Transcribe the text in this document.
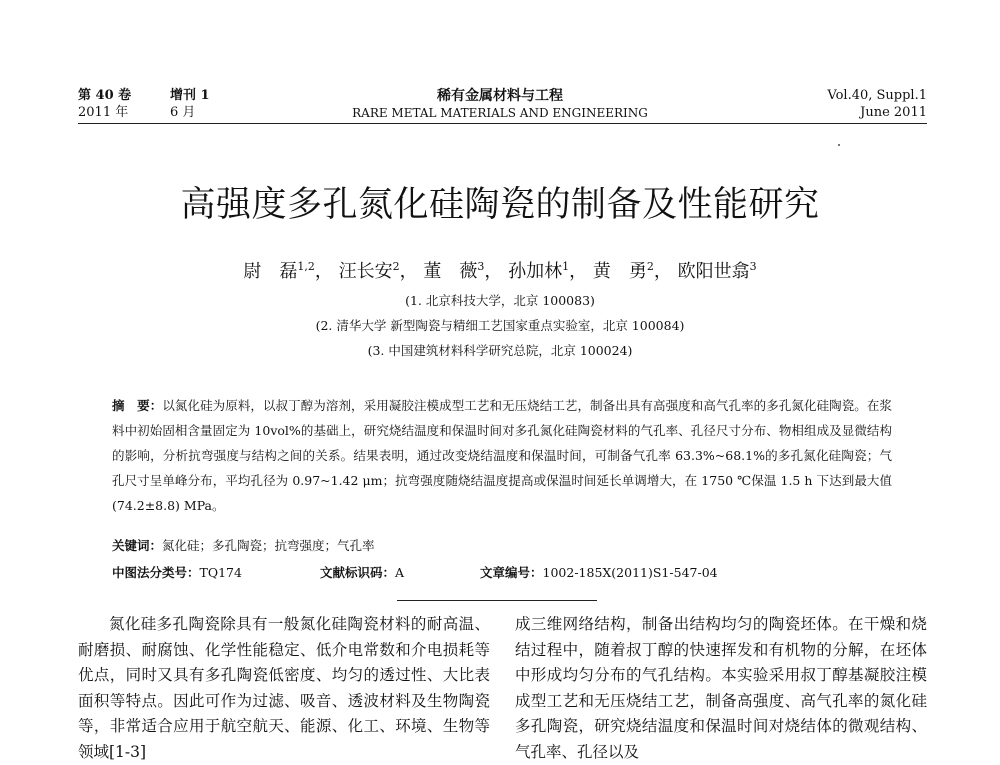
第 40 卷	增刊 1
2011 年	6 月
稀有金属材料与工程
RARE METAL MATERIALS AND ENGINEERING
Vol.40, Suppl.1
June 2011
高强度多孔氮化硅陶瓷的制备及性能研究
尉　磊$^{1,2}$， 汪长安$^2$， 董　薇$^3$， 孙加林$^1$， 黄　勇$^2$， 欧阳世翕$^3$
(1. 北京科技大学，北京 100083)
(2. 清华大学 新型陶瓷与精细工艺国家重点实验室，北京 100084)
(3. 中国建筑材料科学研究总院，北京 100024)
摘　要：以氮化硅为原料，以叔丁醇为溶剂，采用凝胶注模成型工艺和无压烧结工艺，制备出具有高强度和高气孔率的多孔氮化硅陶瓷。在浆料中初始固相含量固定为 10vol%的基础上，研究烧结温度和保温时间对多孔氮化硅陶瓷材料的气孔率、孔径尺寸分布、物相组成及显微结构的影响，分析抗弯强度与结构之间的关系。结果表明，通过改变烧结温度和保温时间，可制备气孔率 63.3%~68.1%的多孔氮化硅陶瓷；气孔尺寸呈单峰分布，平均孔径为 0.97~1.42 μm；抗弯强度随烧结温度提高或保温时间延长单调增大，在 1750 ℃保温 1.5 h 下达到最大值(74.2±8.8) MPa。
关键词：氮化硅；多孔陶瓷；抗弯强度；气孔率
中图法分类号：TQ174	文献标识码：A	文章编号：1002-185X(2011)S1-547-04

氮化硅多孔陶瓷除具有一般氮化硅陶瓷材料的耐高温、耐磨损、耐腐蚀、化学性能稳定、低介电常数和介电损耗等优点，同时又具有多孔陶瓷低密度、均匀的透过性、大比表面积等特点。因此可作为过滤、吸音、透波材料及生物陶瓷等，非常适合应用于航空航天、能源、化工、环境、生物等领域[1-3]

成三维网络结构，制备出结构均匀的陶瓷坯体。在干燥和烧结过程中，随着叔丁醇的快速挥发和有机物的分解，在坯体中形成均匀分布的气孔结构。本实验采用叔丁醇基凝胶注模成型工艺和无压烧结工艺，制备高强度、高气孔率的氮化硅多孔陶瓷，研究烧结温度和保温时间对烧结体的微观结构、气孔率、孔径以及
